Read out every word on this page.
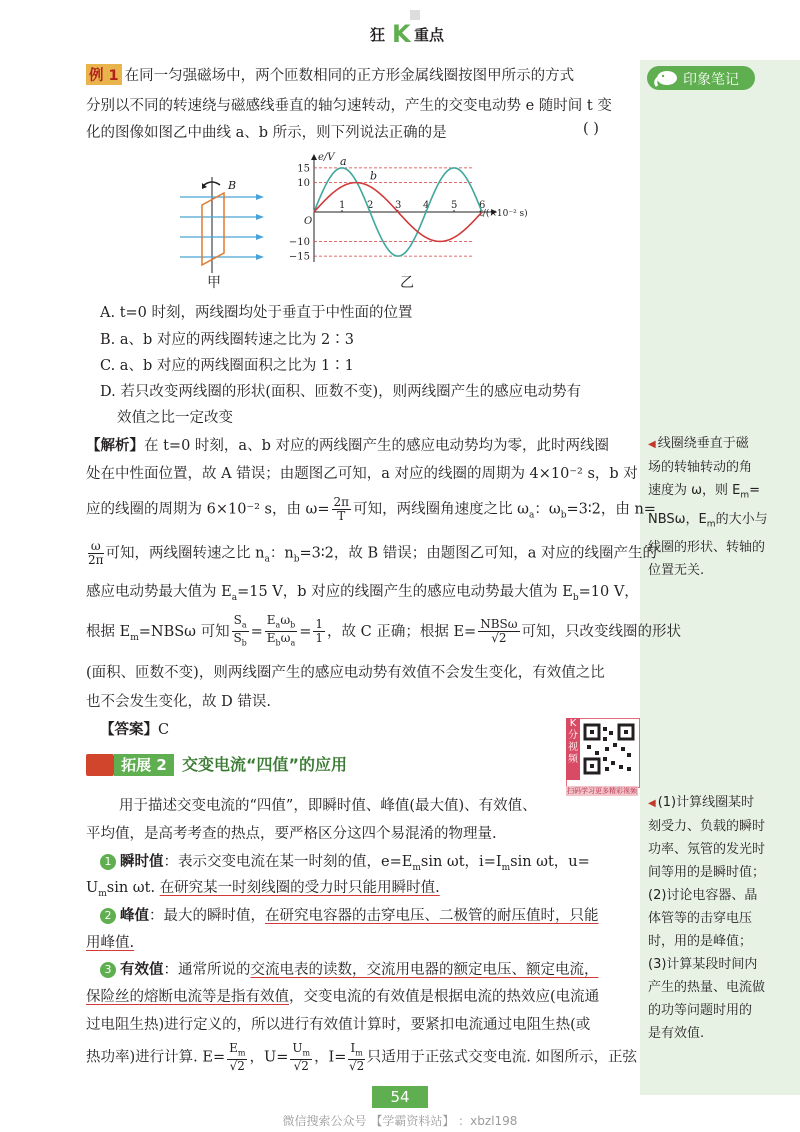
狂 K 重点
印象笔记
◀ 线圈绕垂直于磁
场的转轴转动的角
速度为 ω，则 $E_m=$
NBSω，$E_m$的大小与
线圈的形状、转轴的
位置无关.
◀ (1)计算线圈某时
刻受力、负载的瞬时
功率、氖管的发光时
间等用的是瞬时值；
(2)讨论电容器、晶
体管等的击穿电压
时，用的是峰值；
(3)计算某段时间内
产生的热量、电流做
的功等问题时用的
是有效值.
例 1 在同一匀强磁场中，两个匝数相同的正方形金属线圈按图甲所示的方式
分别以不同的转速绕与磁感线垂直的轴匀速转动，产生的交变电动势 e 随时间 t 变
化的图像如图乙中曲线 a、b 所示，则下列说法正确的是	( )
B
甲
e/V
t/(×10⁻² s)
O
15
10
−10
−15
1 2 3 4 5 6
a
b
乙
A. t=0 时刻，两线圈均处于垂直于中性面的位置
B. a、b 对应的两线圈转速之比为 2∶3
C. a、b 对应的两线圈面积之比为 1∶1
D. 若只改变两线圈的形状(面积、匝数不变)，则两线圈产生的感应电动势有
效值之比一定改变
【解析】在 t=0 时刻，a、b 对应的两线圈产生的感应电动势均为零，此时两线圈
处在中性面位置，故 A 错误；由题图乙可知，a 对应的线圈的周期为 4×10⁻² s，b 对
应的线圈的周期为 6×10⁻² s，由 $\omega= \frac{2\pi}{T}$ 可知，两线圈角速度之比 $\omega_a$：$\omega_b=3∶2$，由 n=
$\frac{\omega}{2\pi}$ 可知，两线圈转速之比 $n_a$：$n_b=3∶2$，故 B 错误；由题图乙可知，a 对应的线圈产生的
感应电动势最大值为 $E_a=15$ V，b 对应的线圈产生的感应电动势最大值为 $E_b=10$ V，
根据 $E_m=NBS\omega$ 可知 $\frac{S_a}{S_b} = \frac{E_a\omega_b}{E_b\omega_a} = \frac{1}{1}$ ，故 C 正确；根据 $E= \frac{\text{NBSω}}{√2}$ 可知，只改变线圈的形状
(面积、匝数不变)，则两线圈产生的感应电动势有效值不会发生变化，有效值之比
也不会发生变化，故 D 错误.
【答案】C	K分视频
扫码学习更多精彩视频
拓展 2 交变电流“四值”的应用
用于描述交变电流的“四值”，即瞬时值、峰值(最大值)、有效值、
平均值，是高考考查的热点，要严格区分这四个易混淆的物理量.
1 瞬时值：表示交变电流在某一时刻的值，$e=E_m\sin$ ωt，$i=I_m\sin$ ωt，u=
$U_m\sin$ ωt. 在研究某一时刻线圈的受力时只能用瞬时值.
2 峰值：最大的瞬时值，在研究电容器的击穿电压、二极管的耐压值时，只能
用峰值.
3 有效值：通常所说的交流电表的读数，交流用电器的额定电压、额定电流，
保险丝的熔断电流等是指有效值，交变电流的有效值是根据电流的热效应(电流通
过电阻生热)进行定义的，所以进行有效值计算时，要紧扣电流通过电阻生热(或
热功率)进行计算. $E= \frac{E_m}{√2}$ ，$U= \frac{U_m}{√2}$ ，$I= \frac{I_m}{√2}$ 只适用于正弦式交变电流. 如图所示，正弦
54
微信搜索公众号 【学霸资料站】 ：xbzl198
